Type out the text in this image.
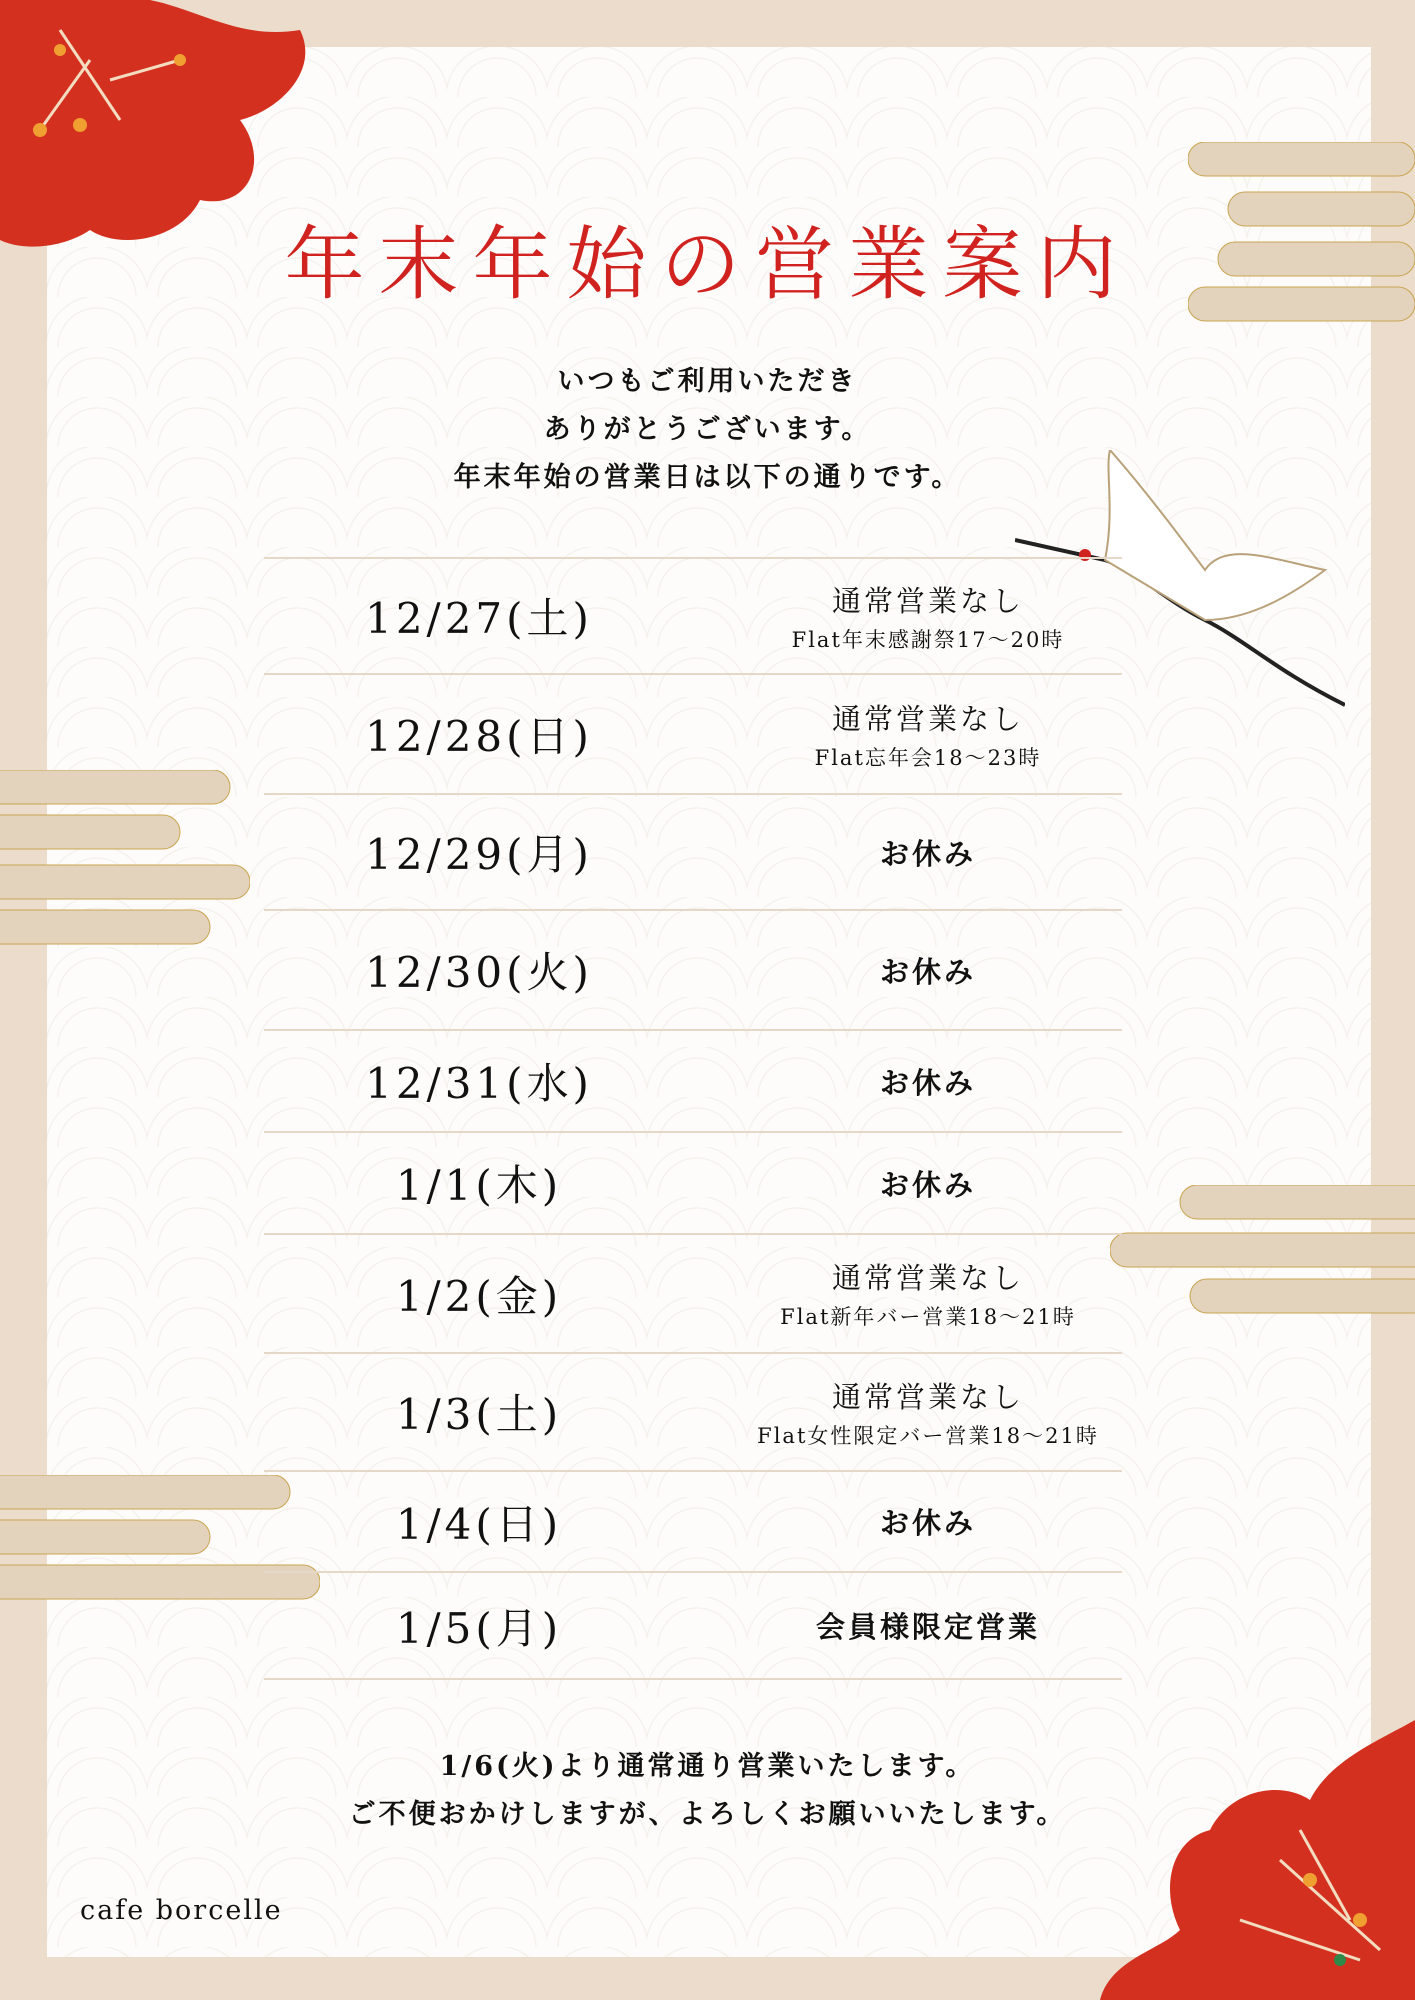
年末年始の営業案内
いつもご利用いただき
ありがとうございます。
年末年始の営業日は以下の通りです。
12/27(土)	通常営業なし
Flat年末感謝祭17～20時
12/28(日)	通常営業なし
Flat忘年会18～23時
12/29(月)	お休み
12/30(火)	お休み
12/31(水)	お休み
1/1(木)	お休み
1/2(金)	通常営業なし
Flat新年バー営業18～21時
1/3(土)	通常営業なし
Flat女性限定バー営業18～21時
1/4(日)	お休み
1/5(月)	会員様限定営業
1/6(火)より通常通り営業いたします。
ご不便おかけしますが、よろしくお願いいたします。
cafe borcelle
